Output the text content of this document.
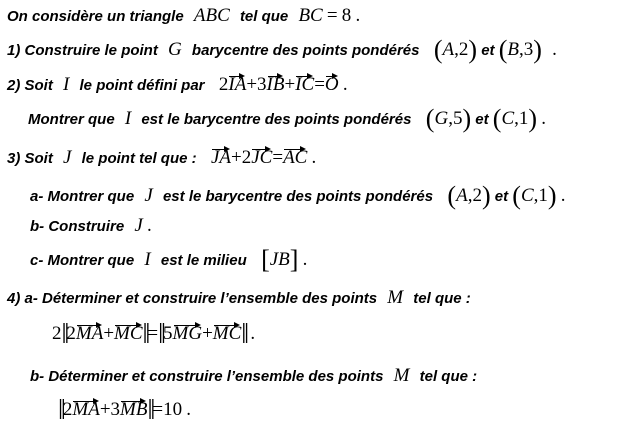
On considère un triangle ABC tel que BC = 8 .
1) Construire le point G barycentre des points pondérés (A,2) et (B,3) .
2) Soit I le point défini par 2IA+3IB+IC=O .
Montrer que I est le barycentre des points pondérés (G,5) et (C,1) .
3) Soit J le point tel que : JA+2JC=AC .
a- Montrer que J est le barycentre des points pondérés (A,2) et (C,1) .
b- Construire J .
c- Montrer que I est le milieu [JB] .
4) a- Déterminer et construire l’ensemble des points M tel que :
2‖2MA+MC‖=‖5MG+MC‖ .
b- Déterminer et construire l’ensemble des points M tel que :
‖2MA+3MB‖=10 .
